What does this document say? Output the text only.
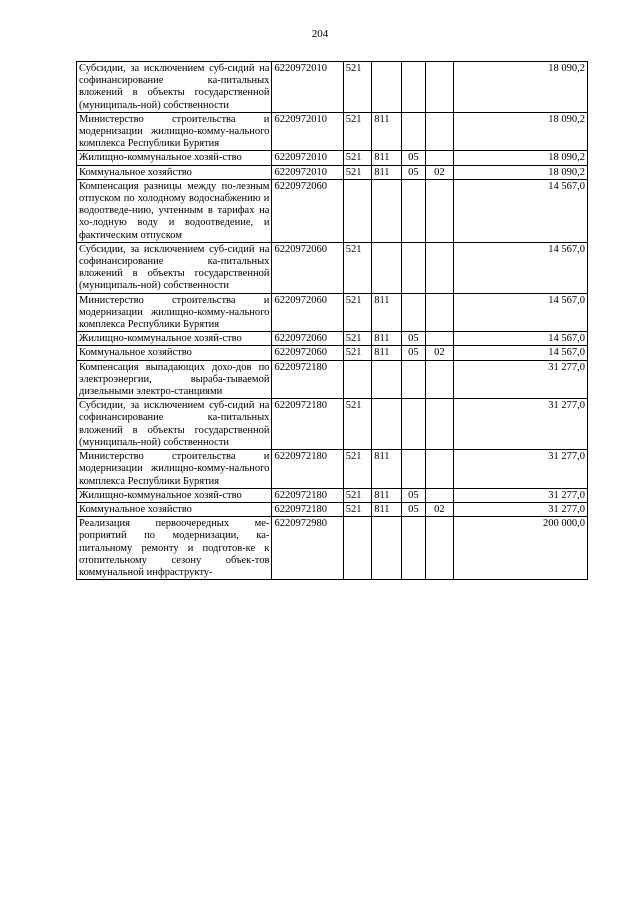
204
Субсидии, за исключением суб-сидий на софинансирование ка-питальных вложений в объекты государственной (муниципаль-ной) собственности	6220972010	521				18 090,2
Министерство строительства и модернизации жилищно-комму-нального комплекса Республики Бурятия	6220972010	521	811			18 090,2
Жилищно-коммунальное хозяй-ство	6220972010	521	811	05		18 090,2
Коммунальное хозяйство	6220972010	521	811	05	02	18 090,2
Компенсация разницы между по-лезным отпуском по холодному водоснабжению и водоотведе-нию, учтенным в тарифах на хо-лодную воду и водоотведение, и фактическим отпуском	6220972060					14 567,0
Субсидии, за исключением суб-сидий на софинансирование ка-питальных вложений в объекты государственной (муниципаль-ной) собственности	6220972060	521				14 567,0
Министерство строительства и модернизации жилищно-комму-нального комплекса Республики Бурятия	6220972060	521	811			14 567,0
Жилищно-коммунальное хозяй-ство	6220972060	521	811	05		14 567,0
Коммунальное хозяйство	6220972060	521	811	05	02	14 567,0
Компенсация выпадающих дохо-дов по электроэнергии, вырабa-тываемой дизельными электро-станциями	6220972180					31 277,0
Субсидии, за исключением суб-сидий на софинансирование ка-питальных вложений в объекты государственной (муниципаль-ной) собственности	6220972180	521				31 277,0
Министерство строительства и модернизации жилищно-комму-нального комплекса Республики Бурятия	6220972180	521	811			31 277,0
Жилищно-коммунальное хозяй-ство	6220972180	521	811	05		31 277,0
Коммунальное хозяйство	6220972180	521	811	05	02	31 277,0
Реализация первоочередных ме-роприятий по модернизации, ка-питальному ремонту и подготов-ке к отопительному сезону объек-тов коммунальной инфраструкту-	6220972980					200 000,0
